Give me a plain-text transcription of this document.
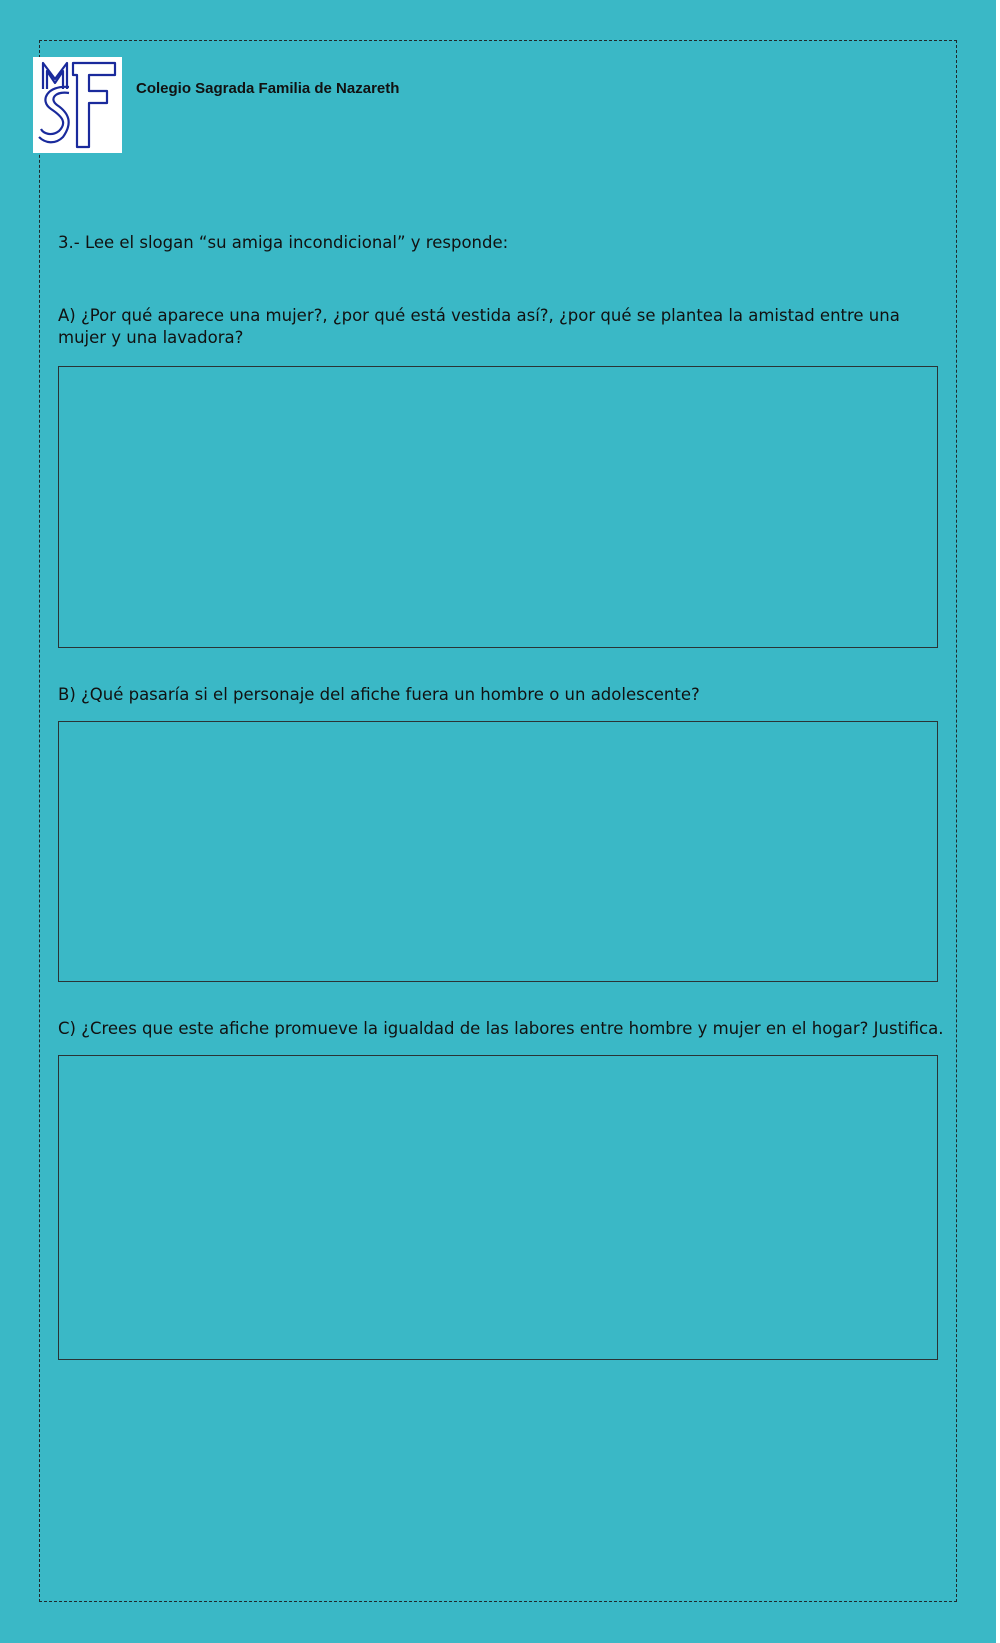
Colegio Sagrada Familia de Nazareth
3.- Lee el slogan “su amiga incondicional” y responde:
A) ¿Por qué aparece una mujer?, ¿por qué está vestida así?, ¿por qué se plantea la amistad entre una mujer y una lavadora?
B) ¿Qué pasaría si el personaje del afiche fuera un hombre o un adolescente?
C) ¿Crees que este afiche promueve la igualdad de las labores entre hombre y mujer en el hogar? Justifica.
